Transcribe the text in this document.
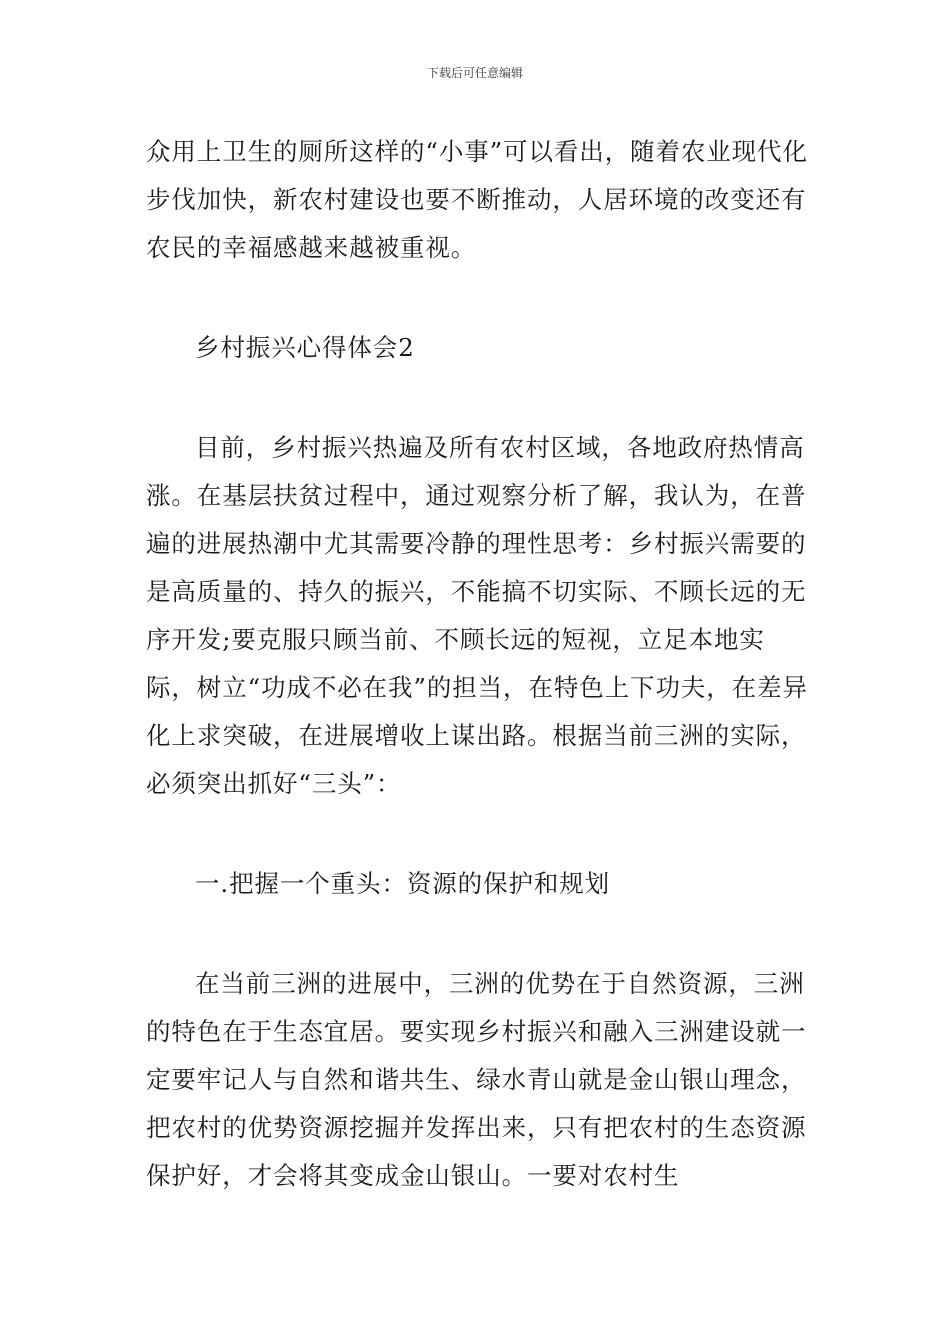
下载后可任意编辑

众用上卫生的厕所这样的“小事”可以看出，随着农业现代化步伐加快，新农村建设也要不断推动，人居环境的改变还有农民的幸福感越来越被重视。

乡村振兴心得体会2

目前，乡村振兴热遍及所有农村区域，各地政府热情高涨。在基层扶贫过程中，通过观察分析了解，我认为，在普遍的进展热潮中尤其需要冷静的理性思考：乡村振兴需要的是高质量的、持久的振兴，不能搞不切实际、不顾长远的无序开发;要克服只顾当前、不顾长远的短视，立足本地实际，树立“功成不必在我”的担当，在特色上下功夫，在差异化上求突破，在进展增收上谋出路。根据当前三洲的实际，必须突出抓好“三头”：

一.把握一个重头：资源的保护和规划

在当前三洲的进展中，三洲的优势在于自然资源，三洲的特色在于生态宜居。要实现乡村振兴和融入三洲建设就一定要牢记人与自然和谐共生、绿水青山就是金山银山理念，把农村的优势资源挖掘并发挥出来，只有把农村的生态资源保护好，才会将其变成金山银山。一要对农村生
